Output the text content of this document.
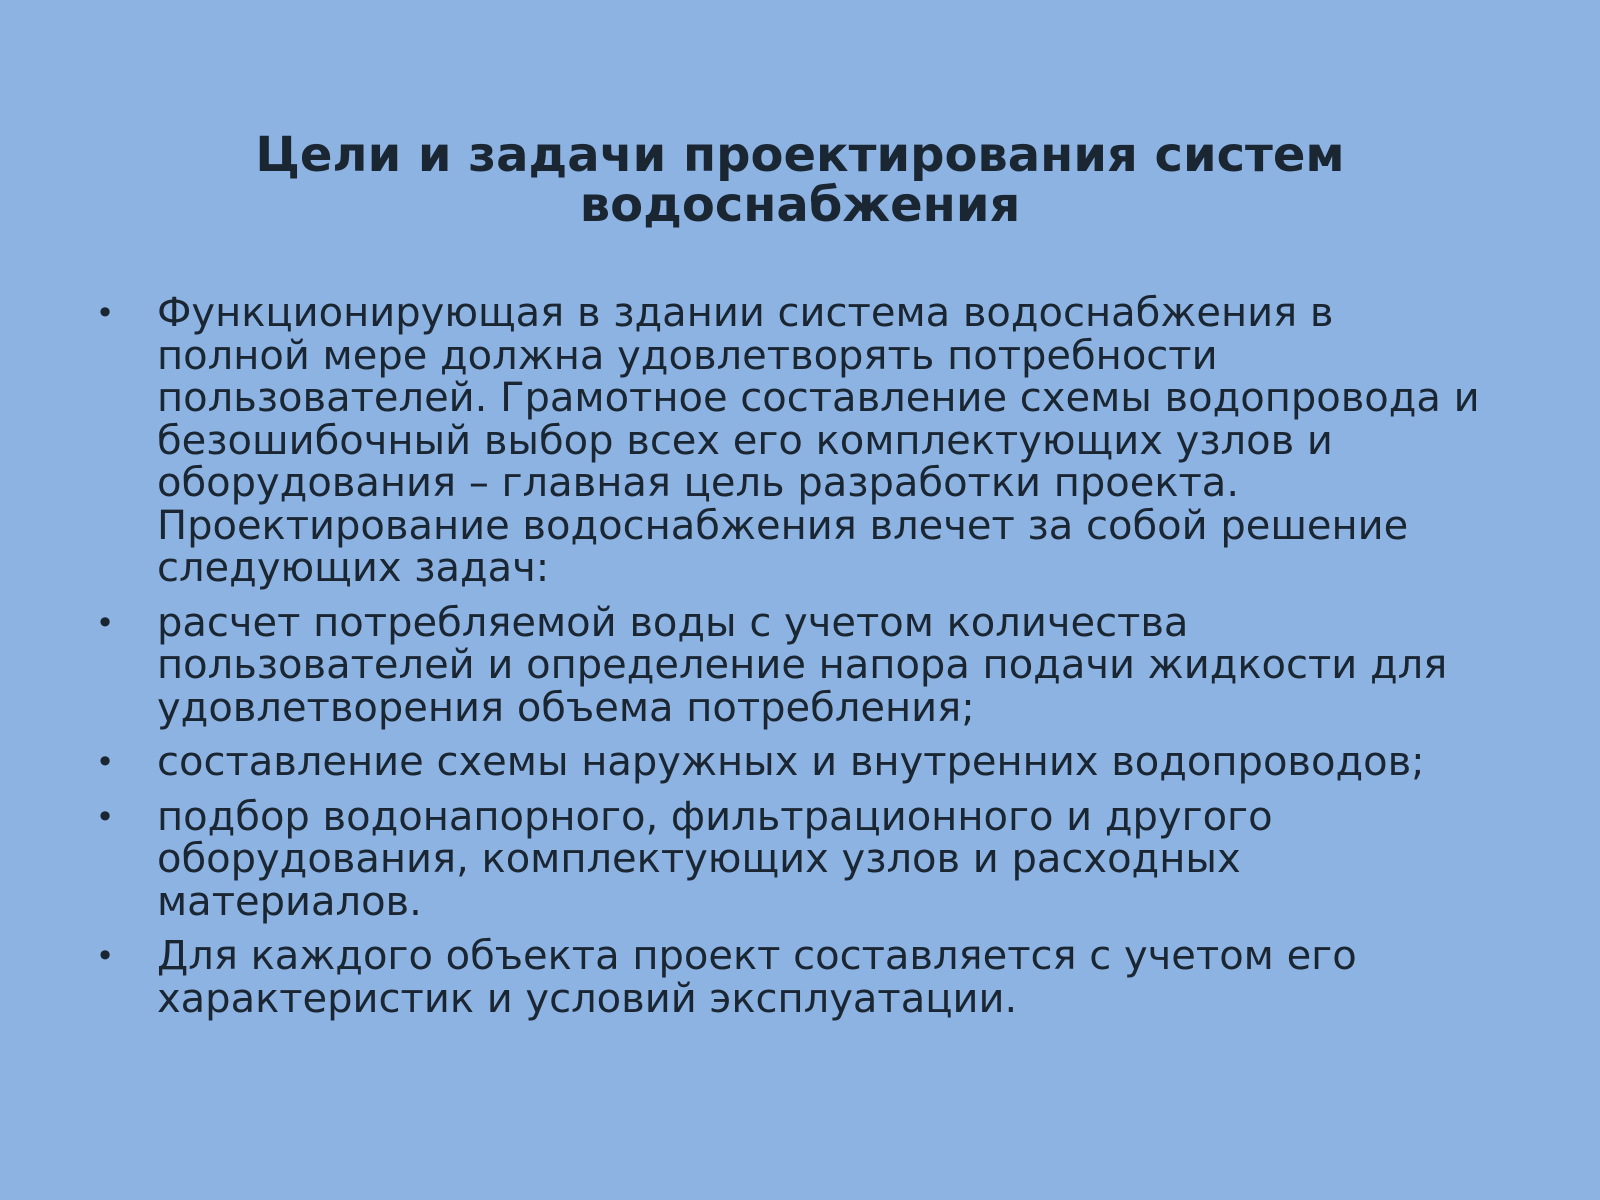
Цели и задачи проектирования систем водоснабжения
• Функционирующая в здании система водоснабжения в полной мере должна удовлетворять потребности пользователей. Грамотное составление схемы водопровода и безошибочный выбор всех его комплектующих узлов и оборудования – главная цель разработки проекта. Проектирование водоснабжения влечет за собой решение следующих задач:
• расчет потребляемой воды с учетом количества пользователей и определение напора подачи жидкости для удовлетворения объема потребления;
• составление схемы наружных и внутренних водопроводов;
• подбор водонапорного, фильтрационного и другого оборудования, комплектующих узлов и расходных материалов.
• Для каждого объекта проект составляется с учетом его характеристик и условий эксплуатации.
